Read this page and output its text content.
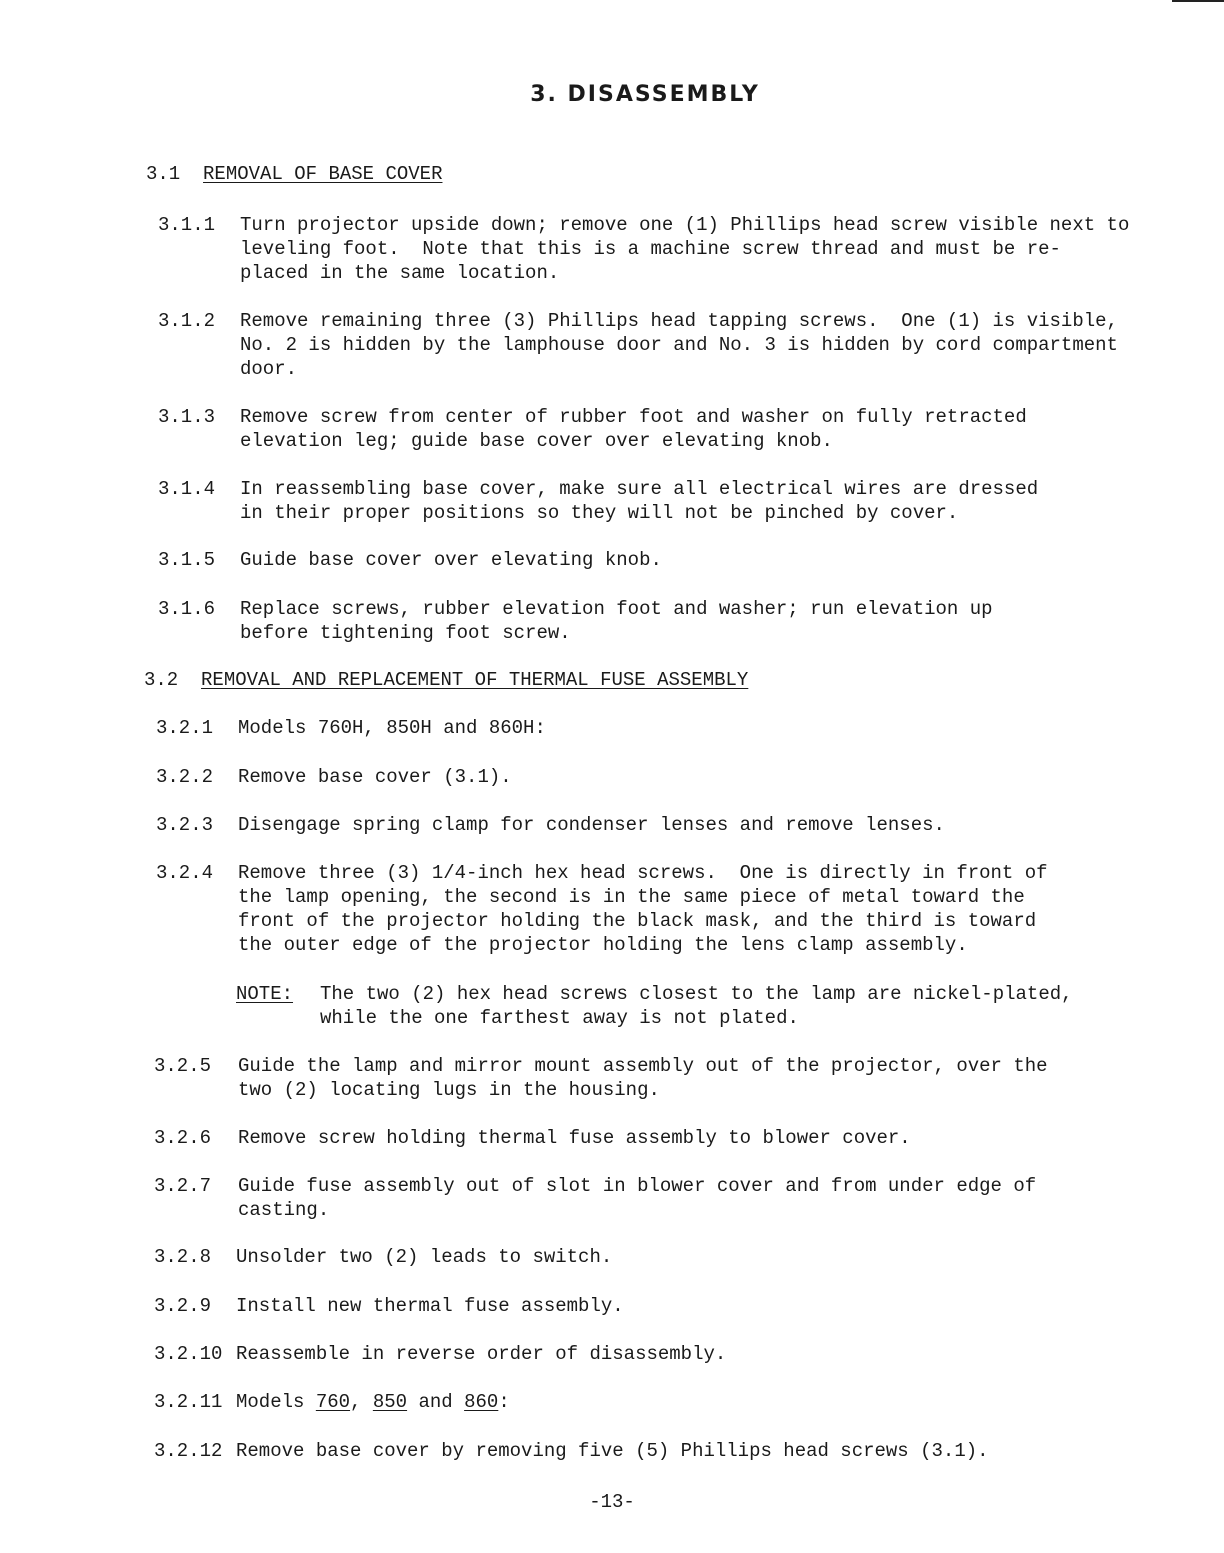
3. DISASSEMBLY
3.1 REMOVAL OF BASE COVER
3.1.1 Turn projector upside down; remove one (1) Phillips head screw visible next to
leveling foot.  Note that this is a machine screw thread and must be re-
placed in the same location.
3.1.2 Remove remaining three (3) Phillips head tapping screws.  One (1) is visible,
No. 2 is hidden by the lamphouse door and No. 3 is hidden by cord compartment
door.
3.1.3 Remove screw from center of rubber foot and washer on fully retracted
elevation leg; guide base cover over elevating knob.
3.1.4 In reassembling base cover, make sure all electrical wires are dressed
in their proper positions so they will not be pinched by cover.
3.1.5 Guide base cover over elevating knob.
3.1.6 Replace screws, rubber elevation foot and washer; run elevation up
before tightening foot screw.
3.2 REMOVAL AND REPLACEMENT OF THERMAL FUSE ASSEMBLY
3.2.1 Models 760H, 850H and 860H:
3.2.2 Remove base cover (3.1).
3.2.3 Disengage spring clamp for condenser lenses and remove lenses.
3.2.4 Remove three (3) 1/4-inch hex head screws.  One is directly in front of
the lamp opening, the second is in the same piece of metal toward the
front of the projector holding the black mask, and the third is toward
the outer edge of the projector holding the lens clamp assembly.
NOTE: The two (2) hex head screws closest to the lamp are nickel-plated,
while the one farthest away is not plated.
3.2.5 Guide the lamp and mirror mount assembly out of the projector, over the
two (2) locating lugs in the housing.
3.2.6 Remove screw holding thermal fuse assembly to blower cover.
3.2.7 Guide fuse assembly out of slot in blower cover and from under edge of
casting.
3.2.8 Unsolder two (2) leads to switch.
3.2.9 Install new thermal fuse assembly.
3.2.10 Reassemble in reverse order of disassembly.
3.2.11 Models 760, 850 and 860:
3.2.12 Remove base cover by removing five (5) Phillips head screws (3.1).
-13-
